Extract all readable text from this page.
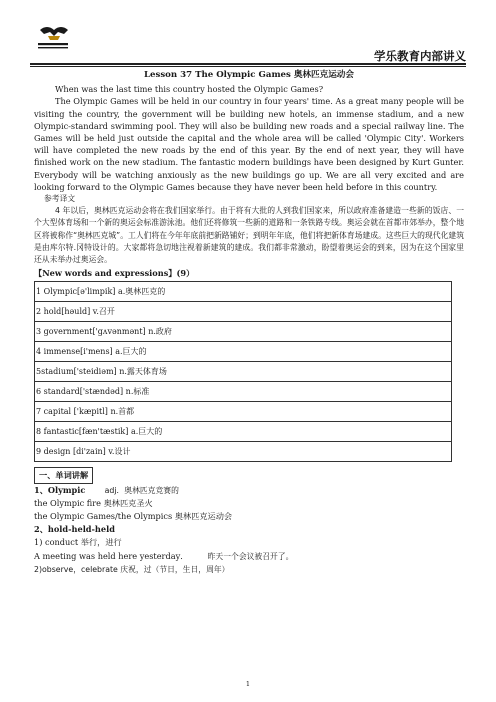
学乐教育内部讲义

Lesson 37 The Olympic Games 奥林匹克运动会

When was the last time this country hosted the Olympic Games?

The Olympic Games will be held in our country in four years' time. As a great many people will be visiting the country, the government will be building new hotels, an immense stadium, and a new Olympic-standard swimming pool. They will also be building new roads and a special railway line. The Games will be held just outside the capital and the whole area will be called 'Olympic City'. Workers will have completed the new roads by the end of this year. By the end of next year, they will have finished work on the new stadium. The fantastic modern buildings have been designed by Kurt Gunter. Everybody will be watching anxiously as the new buildings go up. We are all very excited and are looking forward to the Olympic Games because they have never been held before in this country.

参考译文

4 年以后，奥林匹克运动会将在我们国家举行。由于将有大批的人到我们国家来，所以政府准备建造一些新的饭店、一个大型体育场和一个新的奥运会标准游泳池。他们还将修筑一些新的道路和一条铁路专线。奥运会就在首都市郊举办，整个地区将被称作“奥林匹克城”。工人们将在今年年底前把新路铺好；到明年年底，他们将把新体育场建成。这些巨大的现代化建筑是由库尔特.冈特设计的。大家都将急切地注视着新建筑的建成。我们都非常激动，盼望着奥运会的到来，因为在这个国家里还从未举办过奥运会。

【New words and expressions】(9）
1 Olympic[ə'limpik] a.奥林匹克的
2 hold[həuld] v.召开
3 government['gʌvənmənt] n.政府
4 immense[i'mens] a.巨大的
5stadium['steidiəm] n.露天体育场
6 standard['stændəd] n.标准
7 capital ['kæpitl] n.首都
8 fantastic[fæn'tæstik] a.巨大的
9 design [di'zain] v.设计
一、单词讲解

1、Olympic adj．奥林匹克竞赛的

the Olympic fire 奥林匹克圣火

the Olympic Games/the Olympics 奥林匹克运动会

2、hold-held-held

1) conduct 举行，进行

A meeting was held here yesterday． 昨天一个会议被召开了。

2)observe，celebrate 庆祝，过（节日，生日，周年）

1
